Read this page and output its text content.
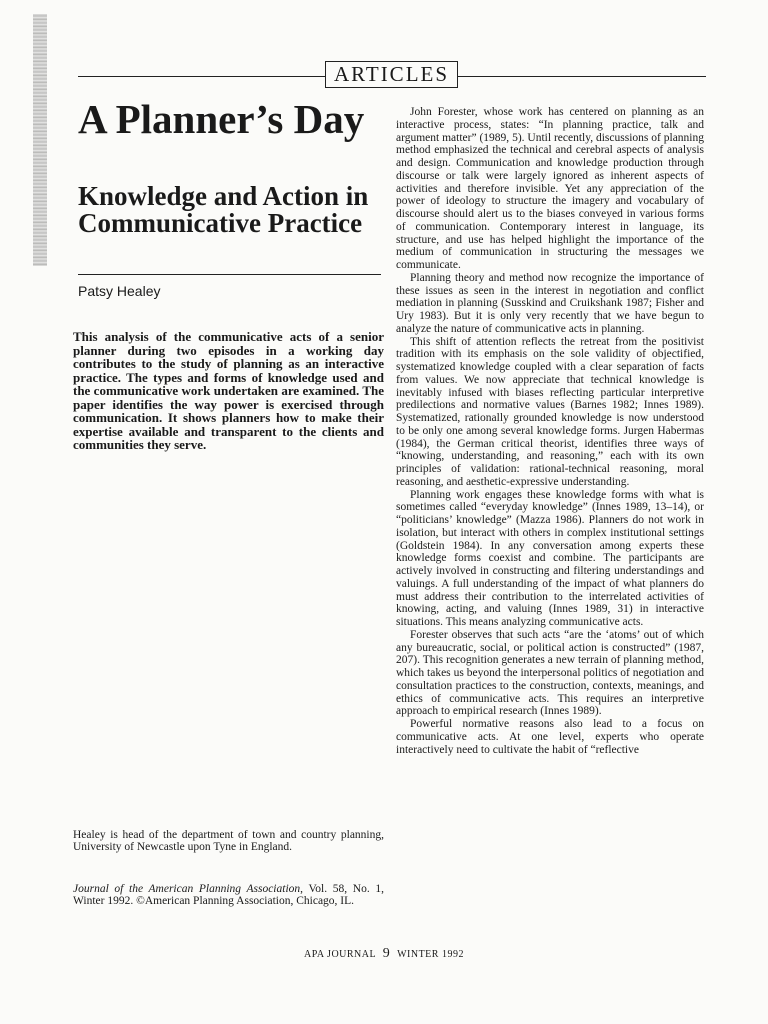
ARTICLES
A Planner’s Day
Knowledge and Action in Communicative Practice
Patsy Healey

This analysis of the communicative acts of a senior planner during two episodes in a working day contributes to the study of planning as an interactive practice. The types and forms of knowledge used and the communicative work undertaken are examined. The paper identifies the way power is exercised through communication. It shows planners how to make their expertise available and transparent to the clients and communities they serve.

Healey is head of the department of town and country planning, University of Newcastle upon Tyne in England.

Journal of the American Planning Association, Vol. 58, No. 1, Winter 1992. ©American Planning Association, Chicago, IL.

John Forester, whose work has centered on planning as an interactive process, states: “In planning practice, talk and argument matter” (1989, 5). Until recently, discussions of planning method emphasized the technical and cerebral aspects of analysis and design. Communication and knowledge production through discourse or talk were largely ignored as inherent aspects of activities and therefore invisible. Yet any appreciation of the power of ideology to structure the imagery and vocabulary of discourse should alert us to the biases conveyed in various forms of communication. Contemporary interest in language, its structure, and use has helped highlight the importance of the medium of communication in structuring the messages we communicate.

Planning theory and method now recognize the importance of these issues as seen in the interest in negotiation and conflict mediation in planning (Susskind and Cruikshank 1987; Fisher and Ury 1983). But it is only very recently that we have begun to analyze the nature of communicative acts in planning.

This shift of attention reflects the retreat from the positivist tradition with its emphasis on the sole validity of objectified, systematized knowledge coupled with a clear separation of facts from values. We now appreciate that technical knowledge is inevitably infused with biases reflecting particular interpretive predilections and normative values (Barnes 1982; Innes 1989). Systematized, rationally grounded knowledge is now understood to be only one among several knowledge forms. Jurgen Habermas (1984), the German critical theorist, identifies three ways of “knowing, understanding, and reasoning,” each with its own principles of validation: rational-technical reasoning, moral reasoning, and aesthetic-expressive understanding.

Planning work engages these knowledge forms with what is sometimes called “everyday knowledge” (Innes 1989, 13–14), or “politicians’ knowledge” (Mazza 1986). Planners do not work in isolation, but interact with others in complex institutional settings (Goldstein 1984). In any conversation among experts these knowledge forms coexist and combine. The participants are actively involved in constructing and filtering understandings and valuings. A full understanding of the impact of what planners do must address their contribution to the interrelated activities of knowing, acting, and valuing (Innes 1989, 31) in interactive situations. This means analyzing communicative acts.

Forester observes that such acts “are the ‘atoms’ out of which any bureaucratic, social, or political action is constructed” (1987, 207). This recognition generates a new terrain of planning method, which takes us beyond the interpersonal politics of negotiation and consultation practices to the construction, contexts, meanings, and ethics of communicative acts. This requires an interpretive approach to empirical research (Innes 1989).

Powerful normative reasons also lead to a focus on communicative acts. At one level, experts who operate interactively need to cultivate the habit of “reflective

APA JOURNAL 9 WINTER 1992
